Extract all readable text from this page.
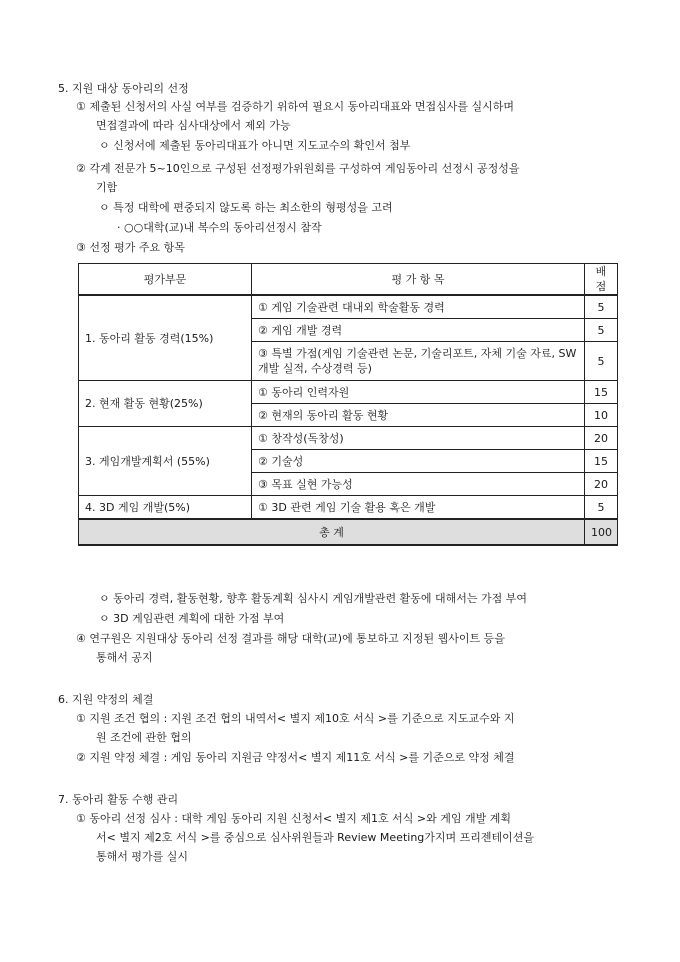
5. 지원 대상 동아리의 선정
① 제출된 신청서의 사실 여부를 검증하기 위하여 필요시 동아리대표와 면접심사를 실시하며
면접결과에 따라 심사대상에서 제외 가능
ㅇ 신청서에 제출된 동아리대표가 아니면 지도교수의 확인서 첨부
② 각계 전문가 5~10인으로 구성된 선정평가위원회를 구성하여 게임동아리 선정시 공정성을
기함
ㅇ 특정 대학에 편중되지 않도록 하는 최소한의 형평성을 고려
· ○○대학(교)내 복수의 동아리선정시 참작
③ 선정 평가 주요 항목
평가부문	평 가 항 목	배점
1. 동아리 활동 경력(15%)	① 게임 기술관련 대내외 학술활동 경력	5
	② 게임 개발 경력	5
	③ 특별 가점(게임 기술관련 논문, 기술리포트, 자체 기술 자료, SW 개발 실적, 수상경력 등)	5
2. 현재 활동 현황(25%)	① 동아리 인력자원	15
	② 현재의 동아리 활동 현황	10
3. 게임개발계획서 (55%)	① 창작성(독창성)	20
	② 기술성	15
	③ 목표 실현 가능성	20
4. 3D 게임 개발(5%)	① 3D 관련 게임 기술 활용 혹은 개발	5
총 계		100
ㅇ 동아리 경력, 활동현황, 향후 활동계획 심사시 게임개발관련 활동에 대해서는 가점 부여
ㅇ 3D 게임관련 계획에 대한 가점 부여
④ 연구원은 지원대상 동아리 선정 결과를 해당 대학(교)에 통보하고 지정된 웹사이트 등을
통해서 공지
6. 지원 약정의 체결
① 지원 조건 협의 : 지원 조건 협의 내역서< 별지 제10호 서식 >를 기준으로 지도교수와 지
원 조건에 관한 협의
② 지원 약정 체결 : 게임 동아리 지원금 약정서< 별지 제11호 서식 >를 기준으로 약정 체결
7. 동아리 활동 수행 관리
① 동아리 선정 심사 : 대학 게임 동아리 지원 신청서< 별지 제1호 서식 >와 게임 개발 계획
서< 별지 제2호 서식 >를 중심으로 심사위원들과 Review Meeting가지며 프리젠테이션을
통해서 평가를 실시
